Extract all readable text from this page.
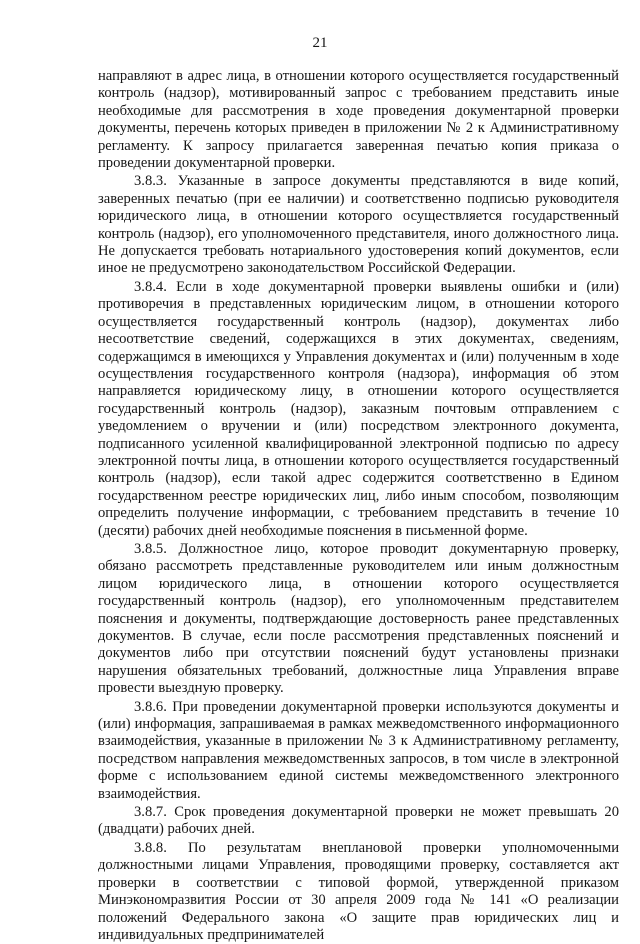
21

направляют в адрес лица, в отношении которого осуществляется государственный контроль (надзор), мотивированный запрос с требованием представить иные необходимые для рассмотрения в ходе проведения документарной проверки документы, перечень которых приведен в приложении № 2 к Административному регламенту. К запросу прилагается заверенная печатью копия приказа о проведении документарной проверки.

3.8.3. Указанные в запросе документы представляются в виде копий, заверенных печатью (при ее наличии) и соответственно подписью руководителя юридического лица, в отношении которого осуществляется государственный контроль (надзор), его уполномоченного представителя, иного должностного лица. Не допускается требовать нотариального удостоверения копий документов, если иное не предусмотрено законодательством Российской Федерации.

3.8.4. Если в ходе документарной проверки выявлены ошибки и (или) противоречия в представленных юридическим лицом, в отношении которого осуществляется государственный контроль (надзор), документах либо несоответствие сведений, содержащихся в этих документах, сведениям, содержащимся в имеющихся у Управления документах и (или) полученным в ходе осуществления государственного контроля (надзора), информация об этом направляется юридическому лицу, в отношении которого осуществляется государственный контроль (надзор), заказным почтовым отправлением с уведомлением о вручении и (или) посредством электронного документа, подписанного усиленной квалифицированной электронной подписью по адресу электронной почты лица, в отношении которого осуществляется государственный контроль (надзор), если такой адрес содержится соответственно в Едином государственном реестре юридических лиц, либо иным способом, позволяющим определить получение информации, с требованием представить в течение 10 (десяти) рабочих дней необходимые пояснения в письменной форме.

3.8.5. Должностное лицо, которое проводит документарную проверку, обязано рассмотреть представленные руководителем или иным должностным лицом юридического лица, в отношении которого осуществляется государственный контроль (надзор), его уполномоченным представителем пояснения и документы, подтверждающие достоверность ранее представленных документов. В случае, если после рассмотрения представленных пояснений и документов либо при отсутствии пояснений будут установлены признаки нарушения обязательных требований, должностные лица Управления вправе провести выездную проверку.

3.8.6. При проведении документарной проверки используются документы и (или) информация, запрашиваемая в рамках межведомственного информационного взаимодействия, указанные в приложении № 3 к Административному регламенту, посредством направления межведомственных запросов, в том числе в электронной форме с использованием единой системы межведомственного электронного взаимодействия.

3.8.7. Срок проведения документарной проверки не может превышать 20 (двадцати) рабочих дней.

3.8.8. По результатам внеплановой проверки уполномоченными должностными лицами Управления, проводящими проверку, составляется акт проверки в соответствии с типовой формой, утвержденной приказом Минэкономразвития России от 30 апреля 2009 года № 141 «О реализации положений Федерального закона «О защите прав юридических лиц и индивидуальных предпринимателей
